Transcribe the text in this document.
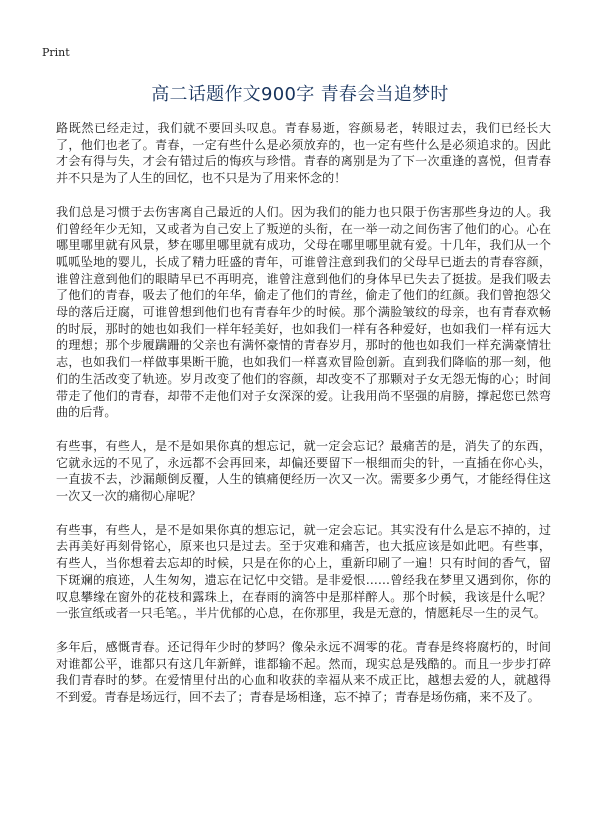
Print
高二话题作文900字 青春会当追梦时

路既然已经走过，我们就不要回头叹息。青春易逝，容颜易老，转眼过去，我们已经长大了，他们也老了。青春，一定有些什么是必须放弃的，也一定有些什么是必须追求的。因此才会有得与失，才会有错过后的悔疚与珍惜。青春的离别是为了下一次重逢的喜悦，但青春并不只是为了人生的回忆，也不只是为了用来怀念的！

我们总是习惯于去伤害离自己最近的人们。因为我们的能力也只限于伤害那些身边的人。我们曾经年少无知，又或者为自己安上了叛逆的头衔，在一举一动之间伤害了他们的心。心在哪里哪里就有风景，梦在哪里哪里就有成功，父母在哪里哪里就有爱。十几年，我们从一个呱呱坠地的婴儿，长成了精力旺盛的青年，可谁曾注意到我们的父母早已逝去的青春容颜，谁曾注意到他们的眼睛早已不再明亮，谁曾注意到他们的身体早已失去了挺拔。是我们吸去了他们的青春，吸去了他们的年华，偷走了他们的青丝，偷走了他们的红颜。我们曾抱怨父母的落后迂腐，可谁曾想到他们也有青春年少的时候。那个满脸皱纹的母亲，也有青春欢畅的时辰，那时的她也如我们一样年轻美好，也如我们一样有各种爱好，也如我们一样有远大的理想；那个步履蹒跚的父亲也有满怀豪情的青春岁月，那时的他也如我们一样充满豪情壮志，也如我们一样做事果断干脆，也如我们一样喜欢冒险创新。直到我们降临的那一刻，他们的生活改变了轨迹。岁月改变了他们的容颜，却改变不了那颗对子女无怨无悔的心；时间带走了他们的青春，却带不走他们对子女深深的爱。让我用尚不坚强的肩膀，撑起您已然弯曲的后背。

有些事，有些人，是不是如果你真的想忘记，就一定会忘记？最痛苦的是，消失了的东西，它就永远的不见了，永远都不会再回来，却偏还要留下一根细而尖的针，一直插在你心头，一直拔不去，沙漏颠倒反覆，人生的镇痛便经历一次又一次。需要多少勇气，才能经得住这一次又一次的痛彻心扉呢？

有些事，有些人，是不是如果你真的想忘记，就一定会忘记。其实没有什么是忘不掉的，过去再美好再刻骨铭心，原来也只是过去。至于灾难和痛苦，也大抵应该是如此吧。有些事，有些人，当你想着去忘却的时候，只是在你的心上，重新印刷了一遍！只有时间的香气，留下斑斓的痕迹，人生匆匆，遗忘在记忆中交错。是非爱恨……曾经我在梦里又遇到你，你的叹息攀缘在窗外的花枝和露珠上，在春雨的滴答中是那样醉人。那个时候，我该是什么呢？一张宣纸或者一只毛笔。，半片优郁的心息，在你那里，我是无意的，情愿耗尽一生的灵气。

多年后，感慨青春。还记得年少时的梦吗？像朵永远不凋零的花。青春是终将腐朽的，时间对谁都公平，谁都只有这几年新鲜，谁都输不起。然而，现实总是残酷的。而且一步步打碎我们青春时的梦。在爱情里付出的心血和收获的幸福从来不成正比，越想去爱的人，就越得不到爱。青春是场远行，回不去了；青春是场相逢，忘不掉了；青春是场伤痛，来不及了。
